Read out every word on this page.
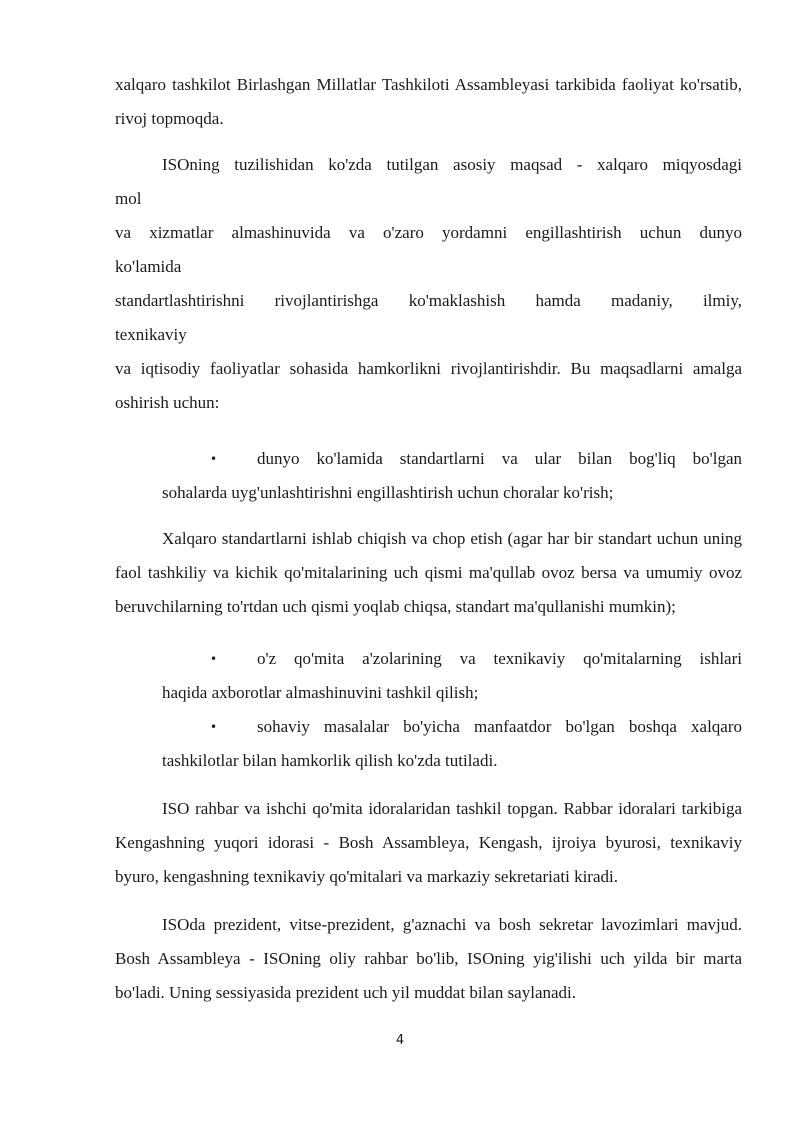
xalqaro tashkilot Birlashgan Millatlar Tashkiloti Assambleyasi tarkibida faoliyat ko'rsatib, rivoj topmoqda.

ISOning tuzilishidan ko'zda tutilgan asosiy maqsad - xalqaro miqyosdagi
mol
va xizmatlar almashinuvida va o'zaro yordamni engillashtirish uchun dunyo
ko'lamida
standartlashtirishni rivojlantirishga ko'maklashish hamda madaniy, ilmiy,
texnikaviy
va iqtisodiy faoliyatlar sohasida hamkorlikni rivojlantirishdir. Bu maqsadlarni amalga oshirish uchun:
• dunyo ko'lamida standartlarni va ular bilan bog'liq bo'lgan
sohalarda uyg'unlashtirishni engillashtirish uchun choralar ko'rish;

Xalqaro standartlarni ishlab chiqish va chop etish (agar har bir standart uchun uning faol tashkiliy va kichik qo'mitalarining uch qismi ma'qullab ovoz bersa va umumiy ovoz beruvchilarning to'rtdan uch qismi yoqlab chiqsa, standart ma'qullanishi mumkin);

• o'z qo'mita a'zolarining va texnikaviy qo'mitalarning ishlari
haqida axborotlar almashinuvini tashkil qilish;
• sohaviy masalalar bo'yicha manfaatdor bo'lgan boshqa xalqaro
tashkilotlar bilan hamkorlik qilish ko'zda tutiladi.

ISO rahbar va ishchi qo'mita idoralaridan tashkil topgan. Rabbar idoralari tarkibiga Kengashning yuqori idorasi - Bosh Assambleya, Kengash, ijroiya byurosi, texnikaviy byuro, kengashning texnikaviy qo'mitalari va markaziy sekretariati kiradi.

ISOda prezident, vitse-prezident, g'aznachi va bosh sekretar lavozimlari mavjud. Bosh Assambleya - ISOning oliy rahbar bo'lib, ISOning yig'ilishi uch yilda bir marta bo'ladi. Uning sessiyasida prezident uch yil muddat bilan saylanadi.

4
